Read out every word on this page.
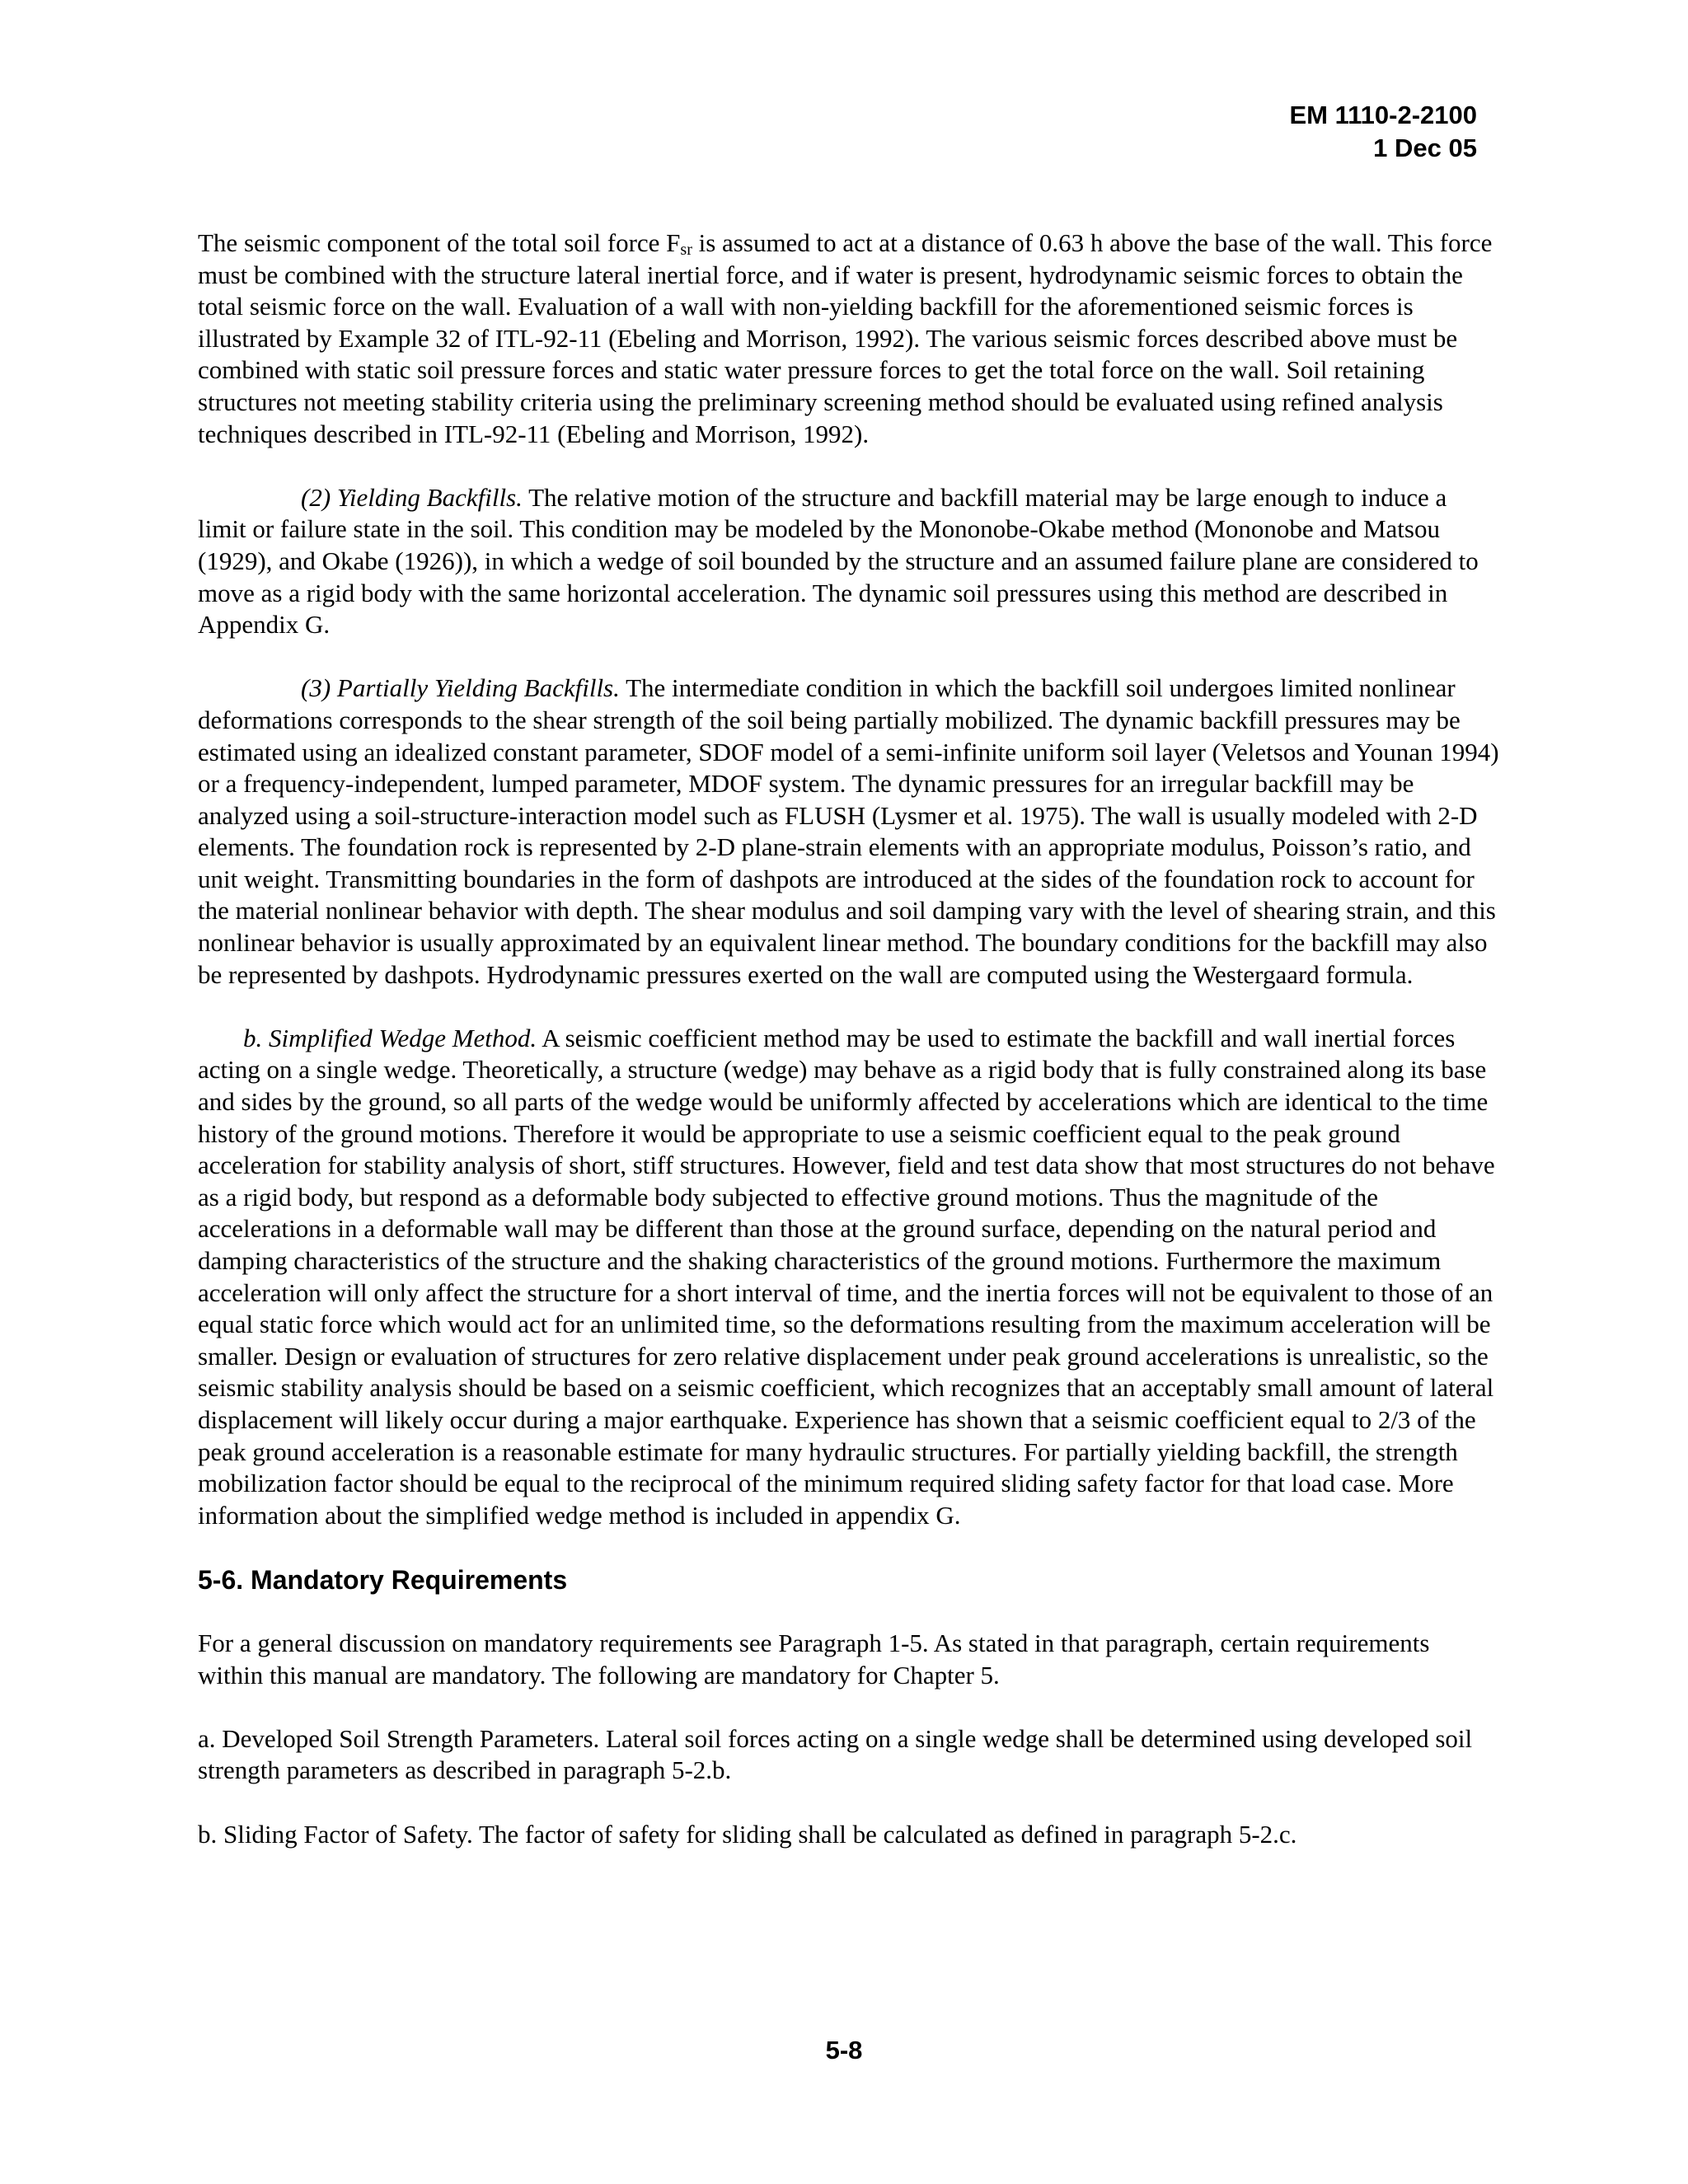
EM 1110-2-2100
1 Dec 05

The seismic component of the total soil force $F_{sr}$ is assumed to act at a distance of 0.63 h above the base of the wall. This force must be combined with the structure lateral inertial force, and if water is present, hydrodynamic seismic forces to obtain the total seismic force on the wall. Evaluation of a wall with non-yielding backfill for the aforementioned seismic forces is illustrated by Example 32 of ITL-92-11 (Ebeling and Morrison, 1992). The various seismic forces described above must be combined with static soil pressure forces and static water pressure forces to get the total force on the wall. Soil retaining structures not meeting stability criteria using the preliminary screening method should be evaluated using refined analysis techniques described in ITL-92-11 (Ebeling and Morrison, 1992).

(2) Yielding Backfills. The relative motion of the structure and backfill material may be large enough to induce a limit or failure state in the soil. This condition may be modeled by the Mononobe-Okabe method (Mononobe and Matsou (1929), and Okabe (1926)), in which a wedge of soil bounded by the structure and an assumed failure plane are considered to move as a rigid body with the same horizontal acceleration. The dynamic soil pressures using this method are described in Appendix G.

(3) Partially Yielding Backfills. The intermediate condition in which the backfill soil undergoes limited nonlinear deformations corresponds to the shear strength of the soil being partially mobilized. The dynamic backfill pressures may be estimated using an idealized constant parameter, SDOF model of a semi-infinite uniform soil layer (Veletsos and Younan 1994) or a frequency-independent, lumped parameter, MDOF system. The dynamic pressures for an irregular backfill may be analyzed using a soil-structure-interaction model such as FLUSH (Lysmer et al. 1975). The wall is usually modeled with 2-D elements. The foundation rock is represented by 2-D plane-strain elements with an appropriate modulus, Poisson’s ratio, and unit weight. Transmitting boundaries in the form of dashpots are introduced at the sides of the foundation rock to account for the material nonlinear behavior with depth. The shear modulus and soil damping vary with the level of shearing strain, and this nonlinear behavior is usually approximated by an equivalent linear method. The boundary conditions for the backfill may also be represented by dashpots. Hydrodynamic pressures exerted on the wall are computed using the Westergaard formula.

b. Simplified Wedge Method. A seismic coefficient method may be used to estimate the backfill and wall inertial forces acting on a single wedge. Theoretically, a structure (wedge) may behave as a rigid body that is fully constrained along its base and sides by the ground, so all parts of the wedge would be uniformly affected by accelerations which are identical to the time history of the ground motions. Therefore it would be appropriate to use a seismic coefficient equal to the peak ground acceleration for stability analysis of short, stiff structures. However, field and test data show that most structures do not behave as a rigid body, but respond as a deformable body subjected to effective ground motions. Thus the magnitude of the accelerations in a deformable wall may be different than those at the ground surface, depending on the natural period and damping characteristics of the structure and the shaking characteristics of the ground motions. Furthermore the maximum acceleration will only affect the structure for a short interval of time, and the inertia forces will not be equivalent to those of an equal static force which would act for an unlimited time, so the deformations resulting from the maximum acceleration will be smaller. Design or evaluation of structures for zero relative displacement under peak ground accelerations is unrealistic, so the seismic stability analysis should be based on a seismic coefficient, which recognizes that an acceptably small amount of lateral displacement will likely occur during a major earthquake. Experience has shown that a seismic coefficient equal to 2/3 of the peak ground acceleration is a reasonable estimate for many hydraulic structures. For partially yielding backfill, the strength mobilization factor should be equal to the reciprocal of the minimum required sliding safety factor for that load case. More information about the simplified wedge method is included in appendix G.

5-6. Mandatory Requirements

For a general discussion on mandatory requirements see Paragraph 1-5. As stated in that paragraph, certain requirements within this manual are mandatory. The following are mandatory for Chapter 5.

a. Developed Soil Strength Parameters. Lateral soil forces acting on a single wedge shall be determined using developed soil strength parameters as described in paragraph 5-2.b.

b. Sliding Factor of Safety. The factor of safety for sliding shall be calculated as defined in paragraph 5-2.c.

5-8
